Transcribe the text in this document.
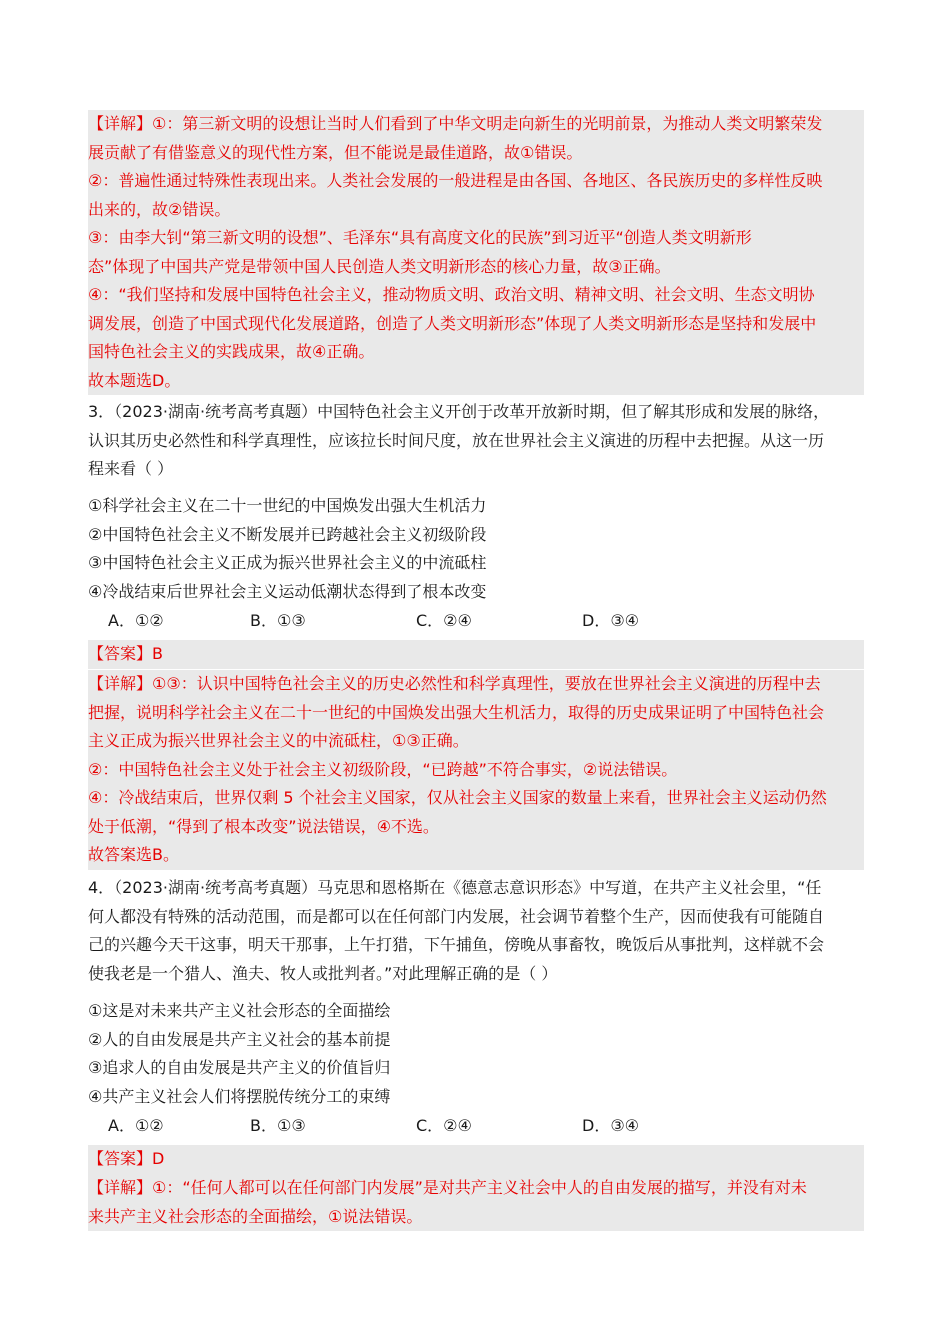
【详解】①：第三新文明的设想让当时人们看到了中华文明走向新生的光明前景，为推动人类文明繁荣发
展贡献了有借鉴意义的现代性方案，但不能说是最佳道路，故①错误。
②：普遍性通过特殊性表现出来。人类社会发展的一般进程是由各国、各地区、各民族历史的多样性反映
出来的，故②错误。
③：由李大钊“第三新文明的设想”、毛泽东“具有高度文化的民族”到习近平“创造人类文明新形
态”体现了中国共产党是带领中国人民创造人类文明新形态的核心力量，故③正确。
④：“我们坚持和发展中国特色社会主义，推动物质文明、政治文明、精神文明、社会文明、生态文明协
调发展，创造了中国式现代化发展道路，创造了人类文明新形态”体现了人类文明新形态是坚持和发展中
国特色社会主义的实践成果，故④正确。
故本题选D。
3．（2023·湖南·统考高考真题）中国特色社会主义开创于改革开放新时期，但了解其形成和发展的脉络，
认识其历史必然性和科学真理性，应该拉长时间尺度，放在世界社会主义演进的历程中去把握。从这一历
程来看（ ）
①科学社会主义在二十一世纪的中国焕发出强大生机活力
②中国特色社会主义不断发展并已跨越社会主义初级阶段
③中国特色社会主义正成为振兴世界社会主义的中流砥柱
④冷战结束后世界社会主义运动低潮状态得到了根本改变
A．①②	B．①③	C．②④	D．③④
【答案】B
【详解】①③：认识中国特色社会主义的历史必然性和科学真理性，要放在世界社会主义演进的历程中去
把握，说明科学社会主义在二十一世纪的中国焕发出强大生机活力，取得的历史成果证明了中国特色社会
主义正成为振兴世界社会主义的中流砥柱，①③正确。
②：中国特色社会主义处于社会主义初级阶段，“已跨越”不符合事实，②说法错误。
④：冷战结束后，世界仅剩 5 个社会主义国家，仅从社会主义国家的数量上来看，世界社会主义运动仍然
处于低潮，“得到了根本改变”说法错误，④不选。
故答案选B。
4．（2023·湖南·统考高考真题）马克思和恩格斯在《德意志意识形态》中写道，在共产主义社会里，“任
何人都没有特殊的活动范围，而是都可以在任何部门内发展，社会调节着整个生产，因而使我有可能随自
己的兴趣今天干这事，明天干那事，上午打猎，下午捕鱼，傍晚从事畜牧，晚饭后从事批判，这样就不会
使我老是一个猎人、渔夫、牧人或批判者。”对此理解正确的是（ ）
①这是对未来共产主义社会形态的全面描绘
②人的自由发展是共产主义社会的基本前提
③追求人的自由发展是共产主义的价值旨归
④共产主义社会人们将摆脱传统分工的束缚
A．①②	B．①③	C．②④	D．③④
【答案】D
【详解】①：“任何人都可以在任何部门内发展”是对共产主义社会中人的自由发展的描写，并没有对未
来共产主义社会形态的全面描绘，①说法错误。
